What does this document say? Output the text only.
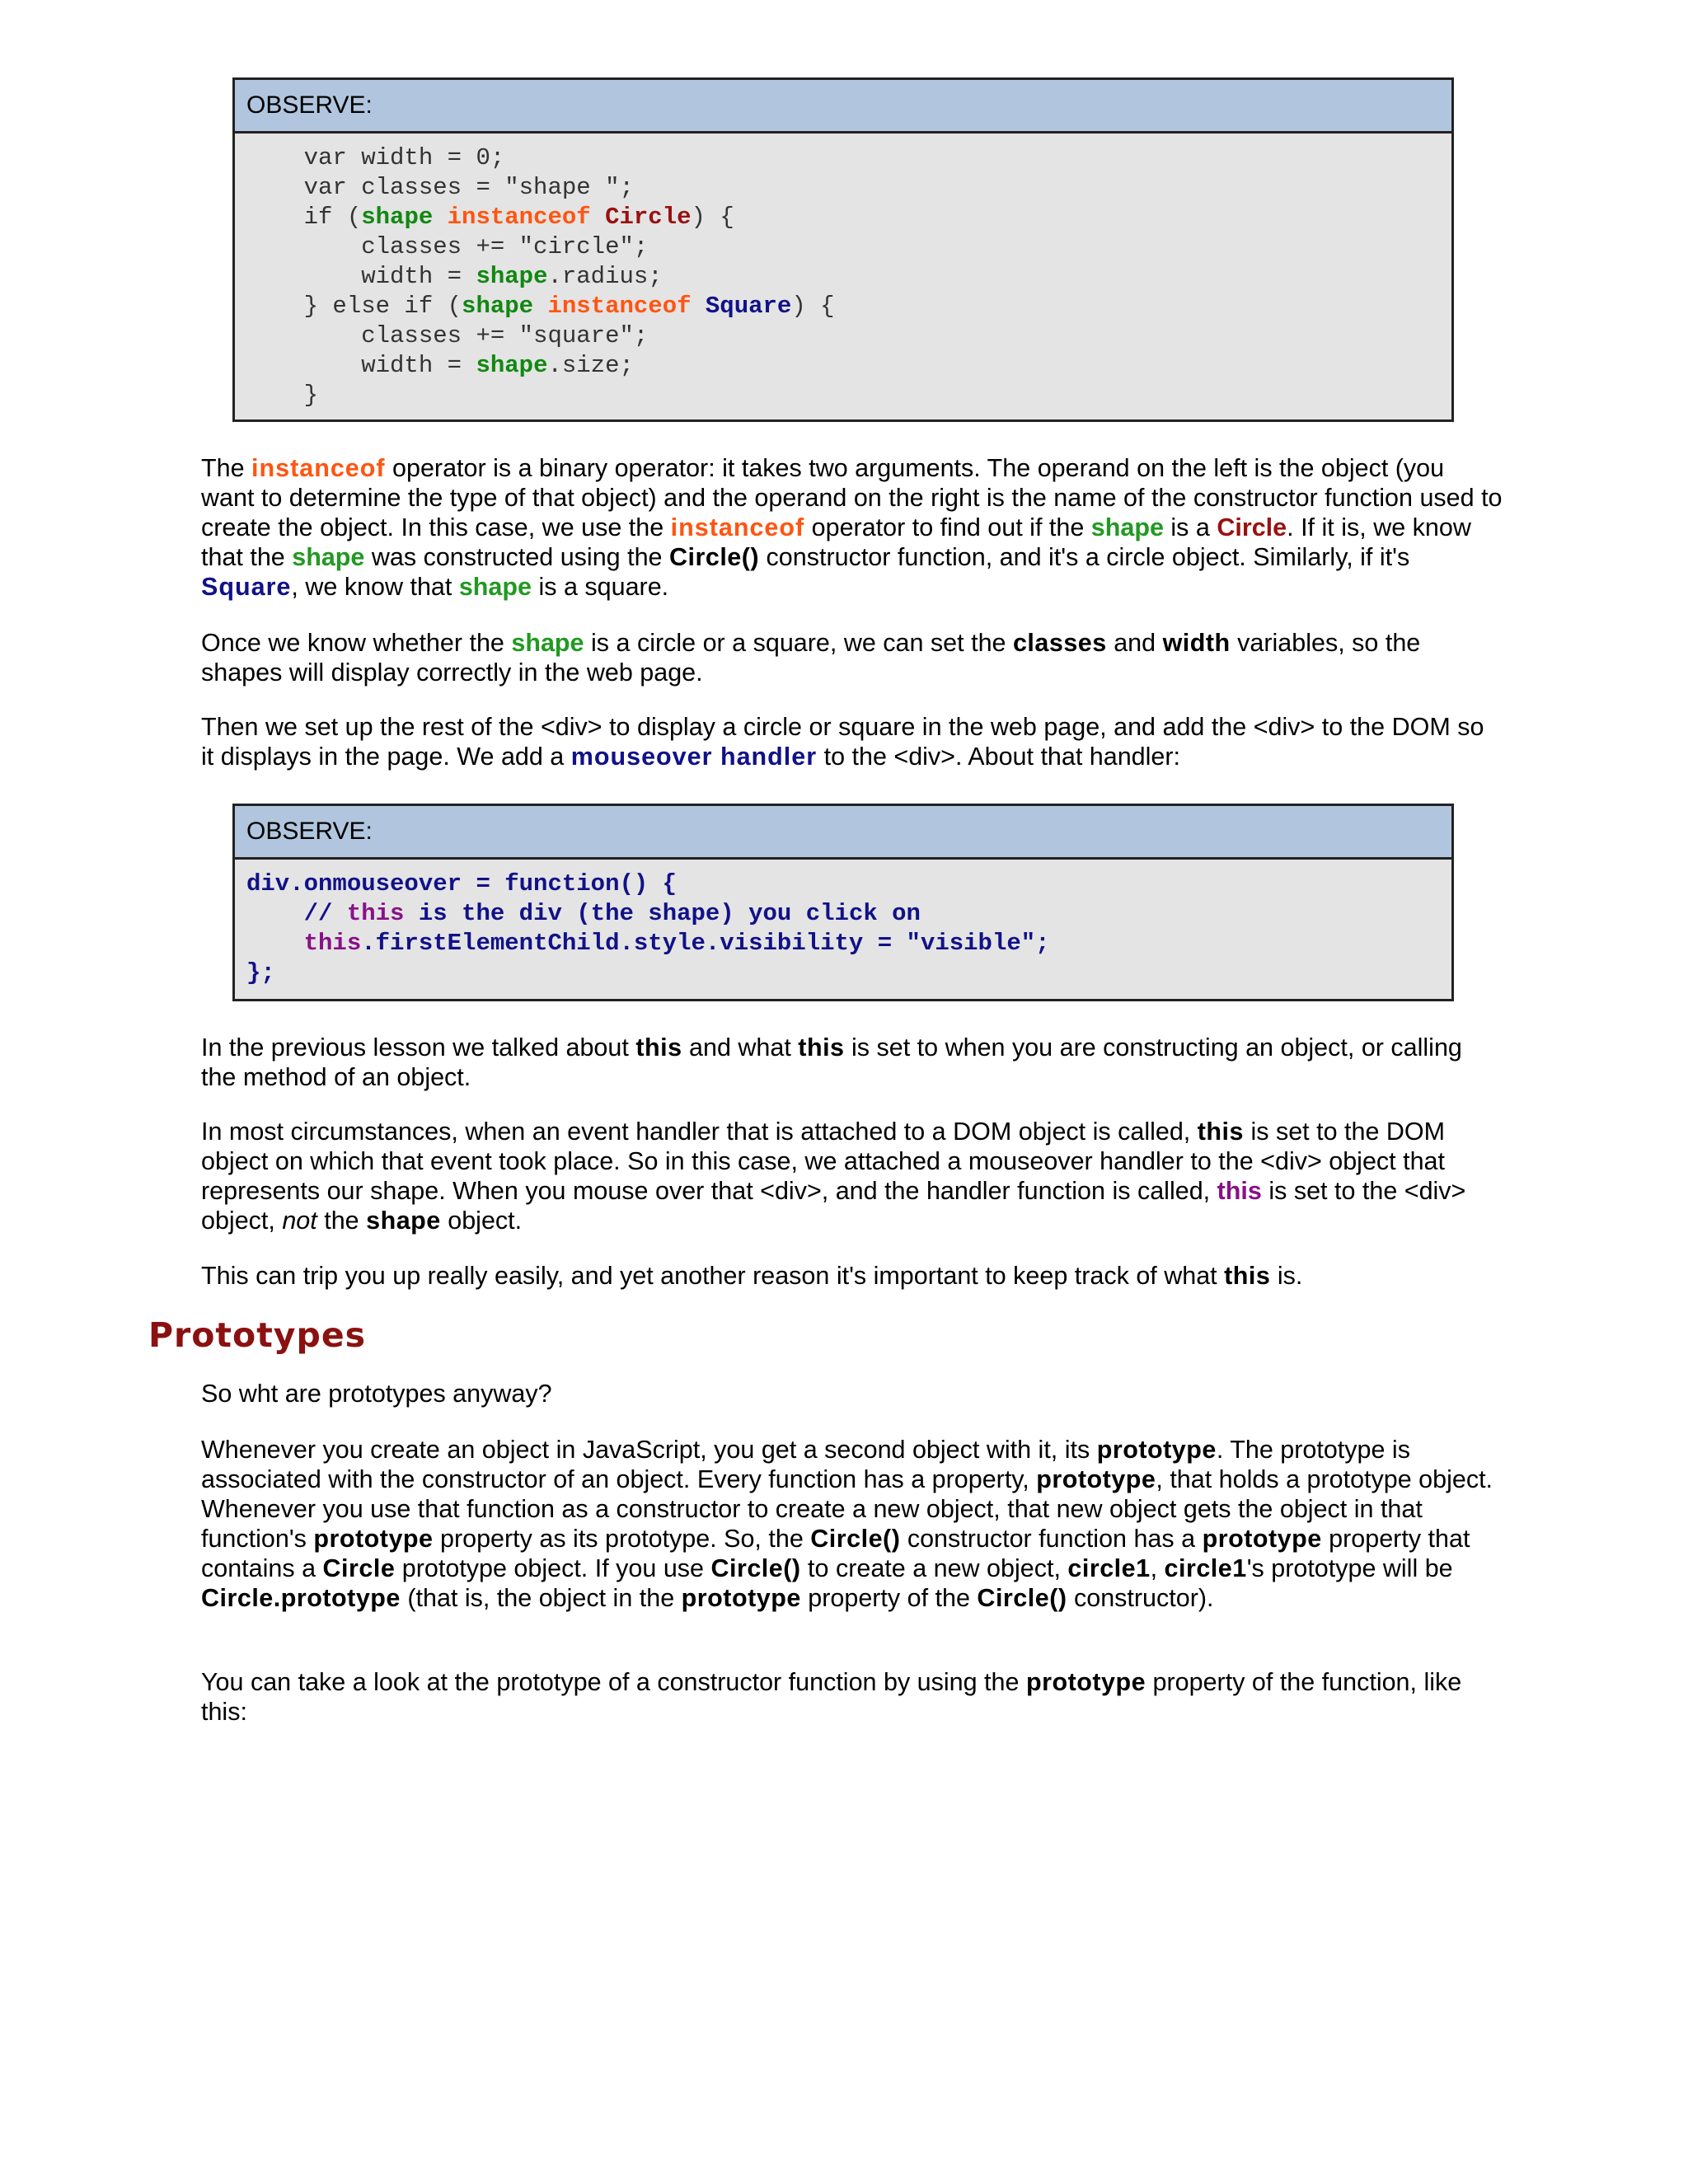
OBSERVE:
var width = 0;
var classes = "shape ";
if (shape instanceof Circle) {
classes += "circle";
width = shape.radius;
} else if (shape instanceof Square) {
classes += "square";
width = shape.size;
}
The instanceof operator is a binary operator: it takes two arguments. The operand on the left is the object (you want to determine the type of that object) and the operand on the right is the name of the constructor function used to create the object. In this case, we use the instanceof operator to find out if the shape is a Circle. If it is, we know that the shape was constructed using the Circle() constructor function, and it's a circle object. Similarly, if it's Square, we know that shape is a square.
Once we know whether the shape is a circle or a square, we can set the classes and width variables, so the shapes will display correctly in the web page.
Then we set up the rest of the <div> to display a circle or square in the web page, and add the <div> to the DOM so it displays in the page. We add a mouseover handler to the <div>. About that handler:
OBSERVE:
div.onmouseover = function() {
// this is the div (the shape) you click on
this.firstElementChild.style.visibility = "visible";
};
In the previous lesson we talked about this and what this is set to when you are constructing an object, or calling the method of an object.
In most circumstances, when an event handler that is attached to a DOM object is called, this is set to the DOM object on which that event took place. So in this case, we attached a mouseover handler to the <div> object that represents our shape. When you mouse over that <div>, and the handler function is called, this is set to the <div> object, not the shape object.
This can trip you up really easily, and yet another reason it's important to keep track of what this is.
Prototypes
So wht are prototypes anyway?
Whenever you create an object in JavaScript, you get a second object with it, its prototype. The prototype is associated with the constructor of an object. Every function has a property, prototype, that holds a prototype object. Whenever you use that function as a constructor to create a new object, that new object gets the object in that function's prototype property as its prototype. So, the Circle() constructor function has a prototype property that contains a Circle prototype object. If you use Circle() to create a new object, circle1, circle1's prototype will be Circle.prototype (that is, the object in the prototype property of the Circle() constructor).
You can take a look at the prototype of a constructor function by using the prototype property of the function, like this:
